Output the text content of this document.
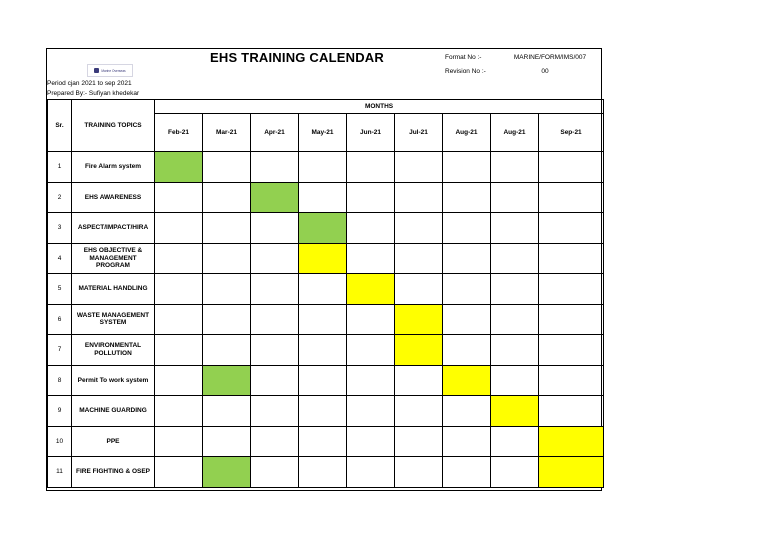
EHS TRAINING CALENDAR	Format No :-	MARINE/FORM/IMS/007
Revision No :-	00
Marine Overseas
Period cjan 2021 to sep 2021
Prepared By:- Sufiyan khedekar
Sr.	TRAINING TOPICS	MONTHS								
		Feb-21	Mar-21	Apr-21	May-21	Jun-21	Jul-21	Aug-21	Aug-21	Sep-21
1	Fire Alarm system									
2	EHS AWARENESS									
3	ASPECT/IMPACT/HIRA									
4	EHS OBJECTIVE & MANAGEMENT PROGRAM									
5	MATERIAL HANDLING									
6	WASTE MANAGEMENT SYSTEM									
7	ENVIRONMENTAL POLLUTION									
8	Permit To work system									
9	MACHINE GUARDING									
10	PPE									
11	FIRE FIGHTING & OSEP									
